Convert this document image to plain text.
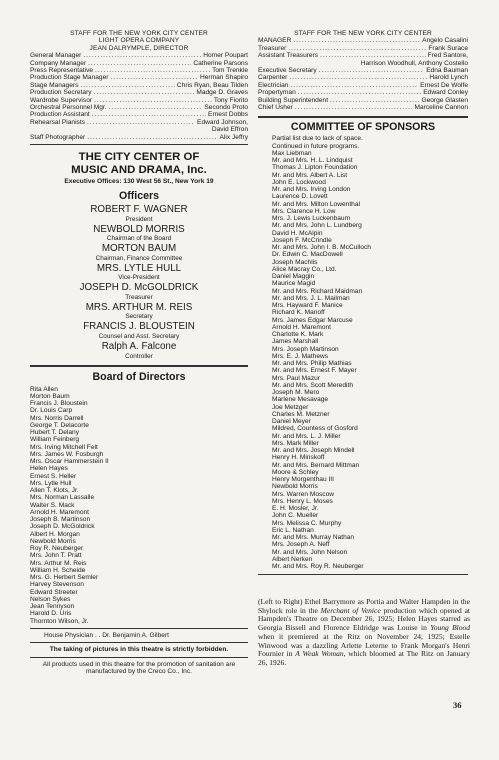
STAFF FOR THE NEW YORK CITY CENTER
LIGHT OPERA COMPANY
JEAN DALRYMPLE, DIRECTOR
General Manager .....	Homer Poupart
Company Manager .....	Catherine Parsons
Press Representative .....	Tom Trenkle
Production Stage Manager .....	Herman Shapiro
Stage Managers .....	Chris Ryan, Beau Tilden
Production Secretary .....	Madge D. Graves
Wardrobe Supervisor .....	Tony Fiorito
Orchestral Personnel Mgr. .....	Secondo Proto
Production Assistant .....	Ernest Dobbs
Rehearsal Pianists .....	Edward Johnson,
David Effron
Staff Photographer .....	Alix Jeffry
THE CITY CENTER OF
MUSIC AND DRAMA, Inc.
Executive Offices: 130 West 56 St., New York 19
Officers
ROBERT F. WAGNER
President
NEWBOLD MORRIS
Chairman of the Board
MORTON BAUM
Chairman, Finance Committee
MRS. LYTLE HULL
Vice-President
JOSEPH D. McGOLDRICK
Treasurer
MRS. ARTHUR M. REIS
Secretary
FRANCIS J. BLOUSTEIN
Counsel and Asst. Secretary
Ralph A. Falcone
Controller
Board of Directors
Rita Allen
Morton Baum
Francis J. Bloustein
Dr. Louis Carp
Mrs. Norris Darrell
George T. Delacorte
Hubert T. Delany
William Feinberg
Mrs. Irving Mitchell Felt
Mrs. James W. Fosburgh
Mrs. Oscar Hammerstein II
Helen Hayes
Ernest S. Heller
Mrs. Lytle Hull
Allen T. Klots, Jr.
Mrs. Norman Lassalle
Walter S. Mack
Arnold H. Maremont
Joseph B. Martinson
Joseph D. McGoldrick
Albert H. Morgan
Newbold Morris
Roy R. Neuberger
Mrs. John T. Pratt
Mrs. Arthur M. Reis
William H. Scheide
Mrs. G. Herbert Semler
Harvey Stevenson
Edward Streeter
Nelson Sykes
Jean Tennyson
Harold D. Uris
Thornton Wilson, Jr.
House Physician . . Dr. Benjamin A. Gilbert
The taking of pictures in this theatre is strictly forbidden.
All products used in this theatre for the promotion of sanitation are manufactured by the Creco Co., Inc.
STAFF FOR THE NEW YORK CITY CENTER
MANAGER .....	Angelo Casalini
Treasurer .....	Frank Surace
Assistant Treasurers .....	Fred Santore,
Harrison Woodhull, Anthony Costello
Executive Secretary .....	Edna Bauman
Carpenter .....	Harold Lynch
Electrician .....	Ernest De Wolfe
Propertyman .....	Edward Conley
Building Superintendent .....	George Glasten
Chief Usher .....	Marceline Cannon
COMMITTEE OF SPONSORS
Partial list due to lack of space.
Continued in future programs.
Max Liebman
Mr. and Mrs. H. L. Lindquist
Thomas J. Lipton Foundation
Mr. and Mrs. Albert A. List
John E. Lockwood
Mr. and Mrs. Irving London
Laurence D. Lovett
Mr. and Mrs. Milton Lowenthal
Mrs. Clarence H. Low
Mrs. J. Lewis Luckenbaum
Mr. and Mrs. John L. Lundberg
David H. McAlpin
Joseph F. McCrindle
Mr. and Mrs. John I. B. McCulloch
Dr. Edwin C. MacDowell
Joseph Machlis
Alice Macray Co., Ltd.
Daniel Maggin
Maurice Magid
Mr. and Mrs. Richard Maidman
Mr. and Mrs. J. L. Mailman
Mrs. Hayward F. Manice
Richard K. Manoff
Mrs. James Edgar Marcuse
Arnold H. Maremont
Charlotte K. Mark
James Marshall
Mrs. Joseph Martinson
Mrs. E. J. Mathews
Mr. and Mrs. Philip Mathias
Mr. and Mrs. Ernest F. Mayer
Mrs. Paul Mazur
Mr. and Mrs. Scott Meredith
Joseph M. Mero
Marlene Mesavage
Joe Metzger
Charles M. Metzner
Daniel Meyer
Mildred, Countess of Gosford
Mr. and Mrs. L. J. Miller
Mrs. Mark Miller
Mr. and Mrs. Joseph Mindell
Henry H. Minskoff
Mr. and Mrs. Bernard Mittman
Moore & Schley
Henry Morgenthau III
Newbold Morris
Mrs. Warren Moscow
Mrs. Henry L. Moses
E. H. Mosler, Jr.
John C. Mueller
Mrs. Melissa C. Murphy
Eric L. Nathan
Mr. and Mrs. Murray Nathan
Mrs. Joseph A. Neff
Mr. and Mrs. John Nelson
Albert Nerken
Mr. and Mrs. Roy R. Neuberger
(Left to Right) Ethel Barrymore as Portia and Walter Hampden in the Shylock role in the Merchant of Venice production which opened at Hampden's Theatre on December 26, 1925; Helen Hayes starred as Georgia Bissell and Florence Eldridge was Louise in Young Blood when it premiered at the Ritz on November 24, 1925; Estelle Winwood was a dazzling Arlette Leterne to Frank Morgan's Henri Fournier in A Weak Woman, which bloomed at The Ritz on January 26, 1926.
36
